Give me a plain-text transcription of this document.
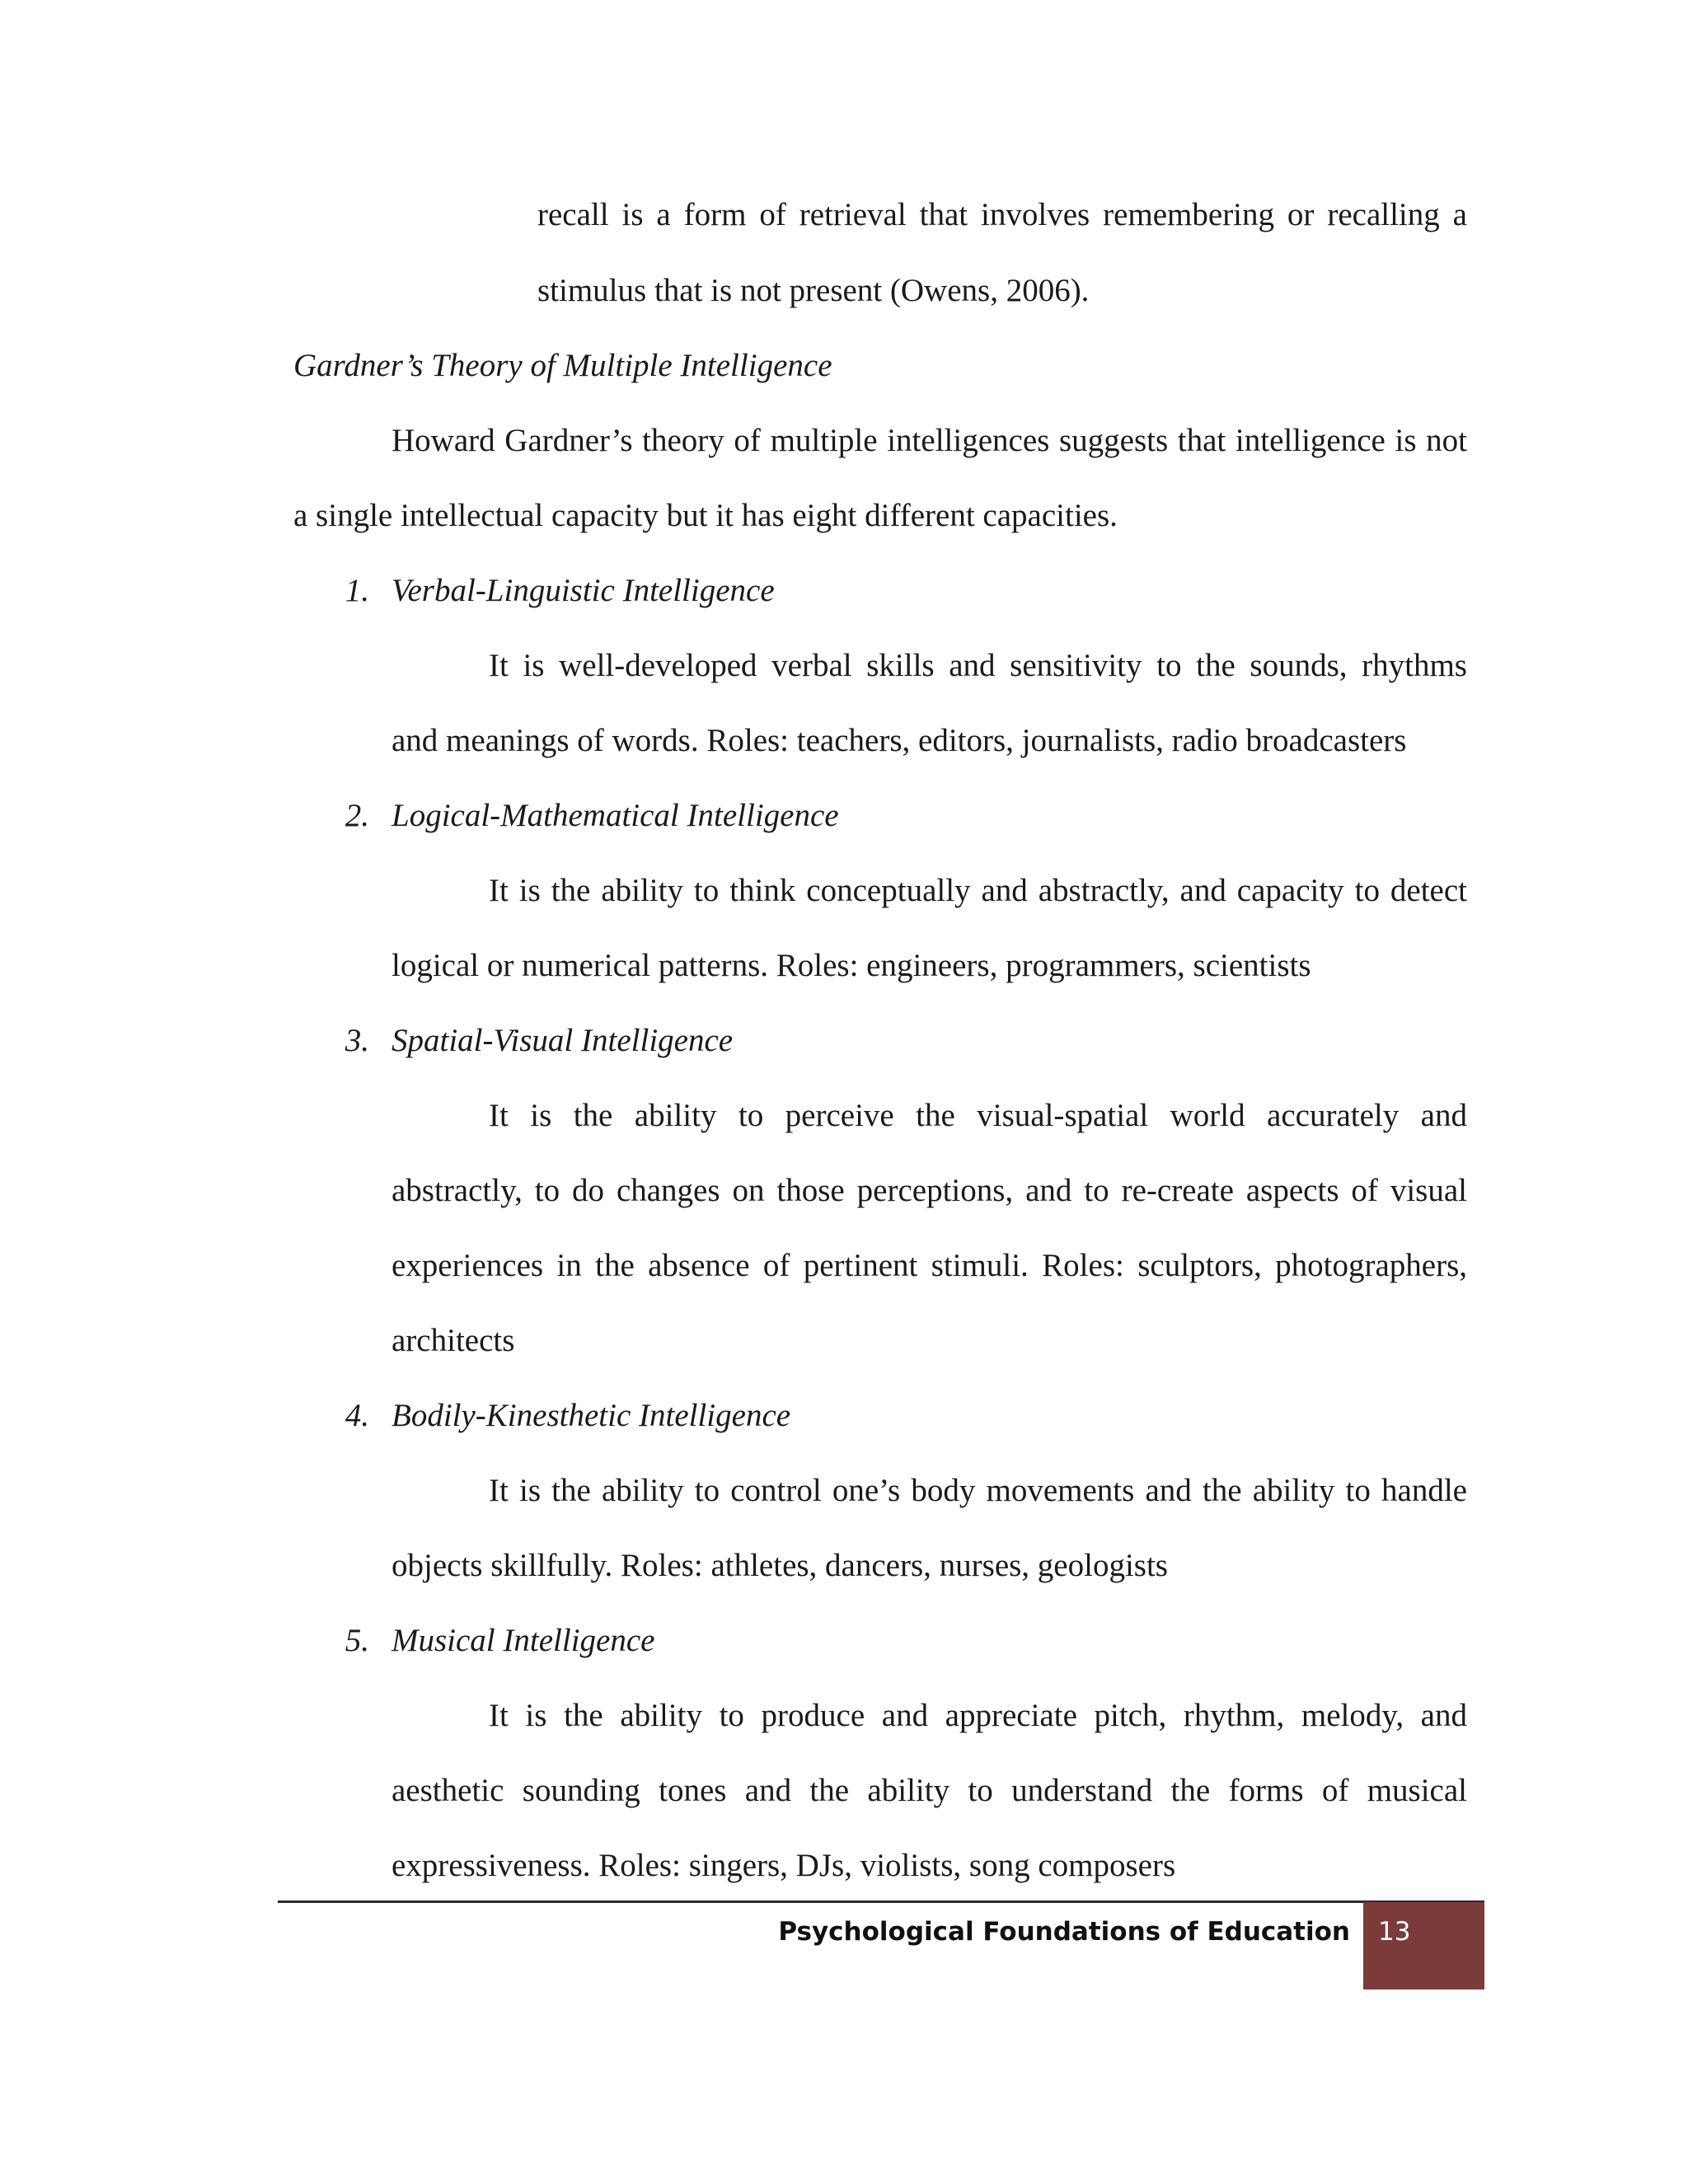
recall is a form of retrieval that involves remembering or recalling a
stimulus that is not present (Owens, 2006).
Gardner’s Theory of Multiple Intelligence
Howard Gardner’s theory of multiple intelligences suggests that intelligence is not
a single intellectual capacity but it has eight different capacities.
1. Verbal-Linguistic Intelligence
It is well-developed verbal skills and sensitivity to the sounds, rhythms
and meanings of words. Roles: teachers, editors, journalists, radio broadcasters
2. Logical-Mathematical Intelligence
It is the ability to think conceptually and abstractly, and capacity to detect
logical or numerical patterns. Roles: engineers, programmers, scientists
3. Spatial-Visual Intelligence
It is the ability to perceive the visual-spatial world accurately and
abstractly, to do changes on those perceptions, and to re-create aspects of visual
experiences in the absence of pertinent stimuli. Roles: sculptors, photographers,
architects
4. Bodily-Kinesthetic Intelligence
It is the ability to control one’s body movements and the ability to handle
objects skillfully. Roles: athletes, dancers, nurses, geologists
5. Musical Intelligence
It is the ability to produce and appreciate pitch, rhythm, melody, and
aesthetic sounding tones and the ability to understand the forms of musical
expressiveness. Roles: singers, DJs, violists, song composers
Psychological Foundations of Education 13
